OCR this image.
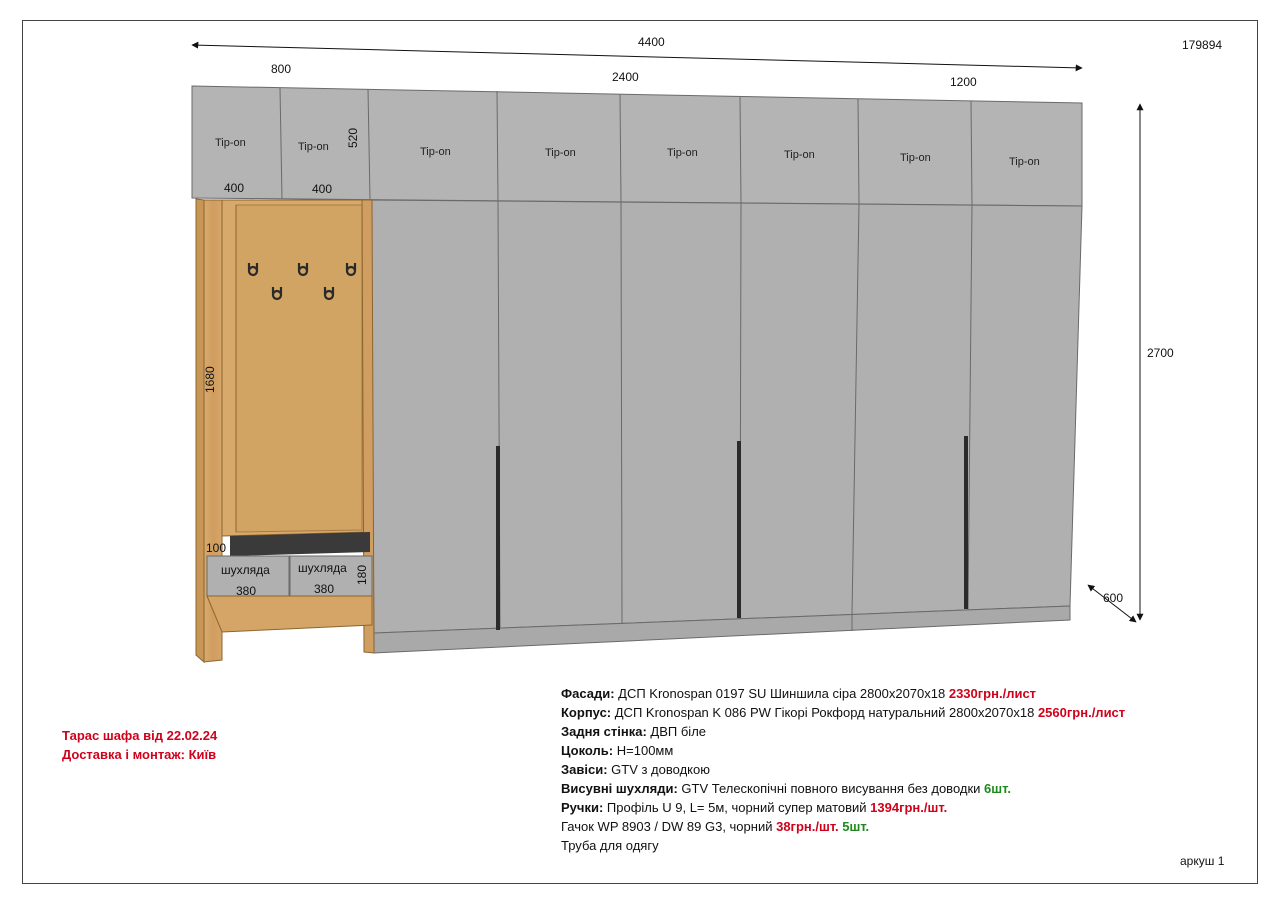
4400
800
2400	1200
2700
600
520
400	400
1680
100
180
380	380
шухляда шухляда
Tip-on	Tip-on	Tip-on	Tip-on	Tip-on	Tip-on	Tip-on	Tip-on
179894
аркуш 1
Тарас шафа від 22.02.24
Доставка і монтаж: Київ
Фасади: ДСП Kronospan 0197 SU Шиншила сіра 2800х2070х18 2330грн./лист
Корпус: ДСП Kronospan K 086 PW Гікорі Рокфорд натуральний 2800х2070х18 2560грн./лист
Задня стінка: ДВП біле
Цоколь: Н=100мм
Завіси: GTV з доводкою
Висувні шухляди: GTV Телескопічні повного висування без доводки 6шт.
Ручки: Профіль U 9, L= 5м, чорний супер матовий 1394грн./шт.
Гачок WP 8903 / DW 89 G3, чорний 38грн./шт. 5шт.
Труба для одягу
